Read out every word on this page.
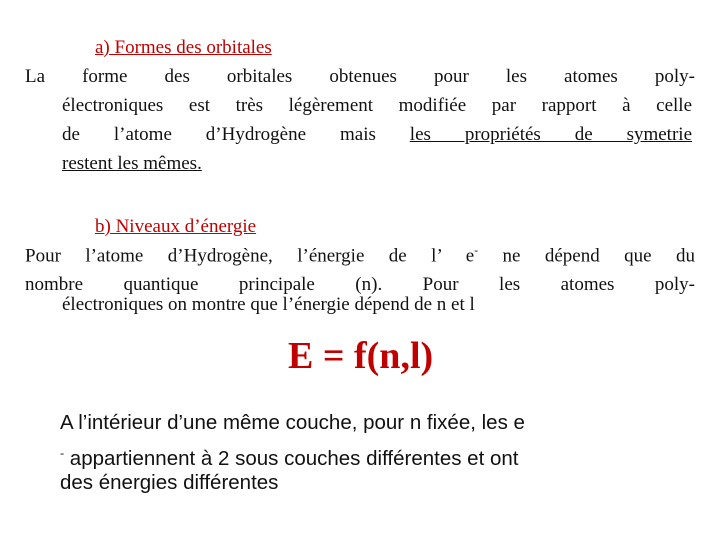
a) Formes des orbitales
La forme des orbitales obtenues pour les atomes poly-
électroniques est très légèrement modifiée par rapport à celle
de l’atome d’Hydrogène mais les propriétés de symetrie
restent les mêmes.
b) Niveaux d’énergie
Pour l’atome d’Hydrogène, l’énergie de l’ e- ne dépend que du
nombre quantique principale (n). Pour les atomes poly-
électroniques on montre que l’énergie dépend de n et l
E = f(n,l)
A l’intérieur d’une même couche, pour n fixée, les e
- appartiennent à 2 sous couches différentes et ont
des énergies différentes
